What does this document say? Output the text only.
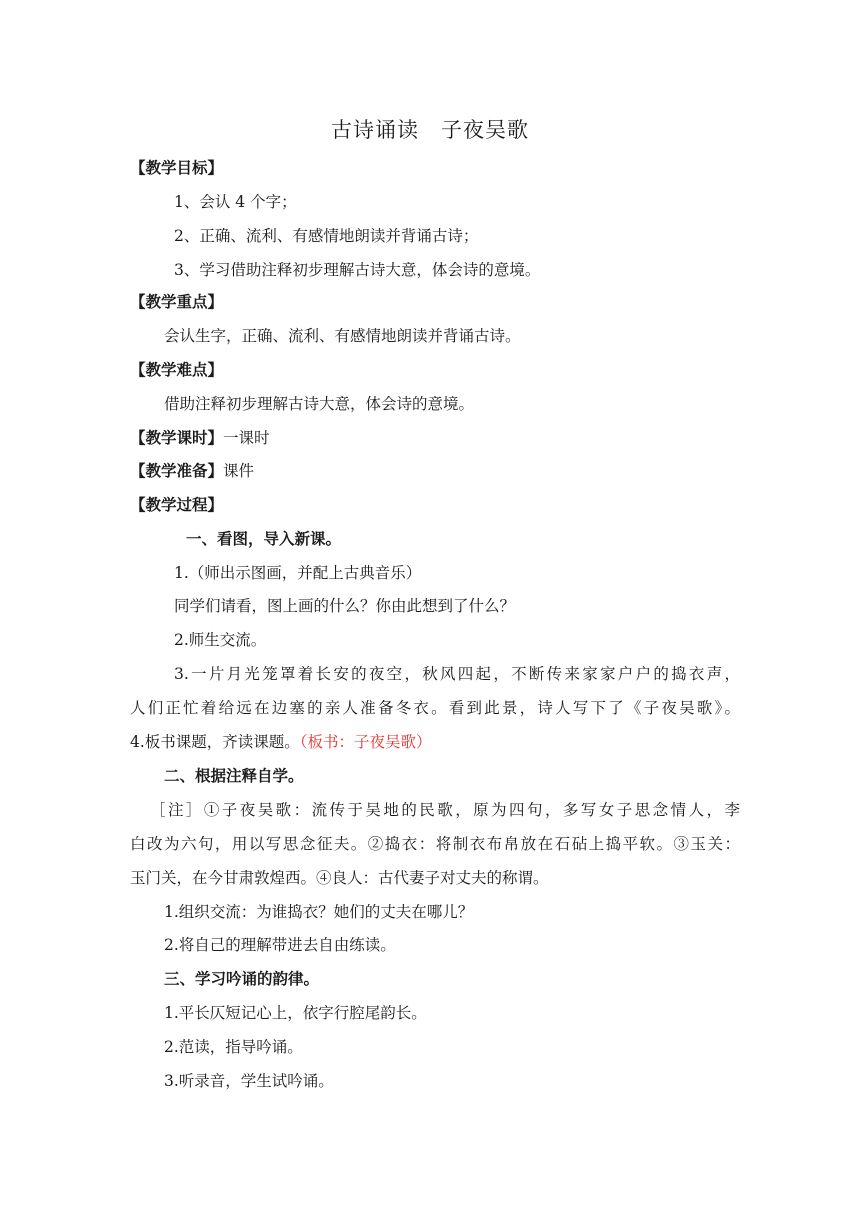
古诗诵读　子夜吴歌
【教学目标】
1、会认 4 个字；
2、正确、流利、有感情地朗读并背诵古诗；
3、学习借助注释初步理解古诗大意，体会诗的意境。
【教学重点】
会认生字，正确、流利、有感情地朗读并背诵古诗。
【教学难点】
借助注释初步理解古诗大意，体会诗的意境。
【教学课时】一课时
【教学准备】课件
【教学过程】
一、看图，导入新课。
1.（师出示图画，并配上古典音乐）
同学们请看，图上画的什么？你由此想到了什么？
2.师生交流。
3.一片月光笼罩着长安的夜空，秋风四起，不断传来家家户户的捣衣声，
人们正忙着给远在边塞的亲人准备冬衣。看到此景，诗人写下了《子夜吴歌》。
4.板书课题，齐读课题。（板书：子夜吴歌）
二、根据注释自学。
［注］①子夜吴歌：流传于吴地的民歌，原为四句，多写女子思念情人，李
白改为六句，用以写思念征夫。②捣衣：将制衣布帛放在石砧上捣平软。③玉关：
玉门关，在今甘肃敦煌西。④良人：古代妻子对丈夫的称谓。
1.组织交流：为谁捣衣？她们的丈夫在哪儿？
2.将自己的理解带进去自由练读。
三、学习吟诵的韵律。
1.平长仄短记心上，依字行腔尾韵长。
2.范读，指导吟诵。
3.听录音，学生试吟诵。
